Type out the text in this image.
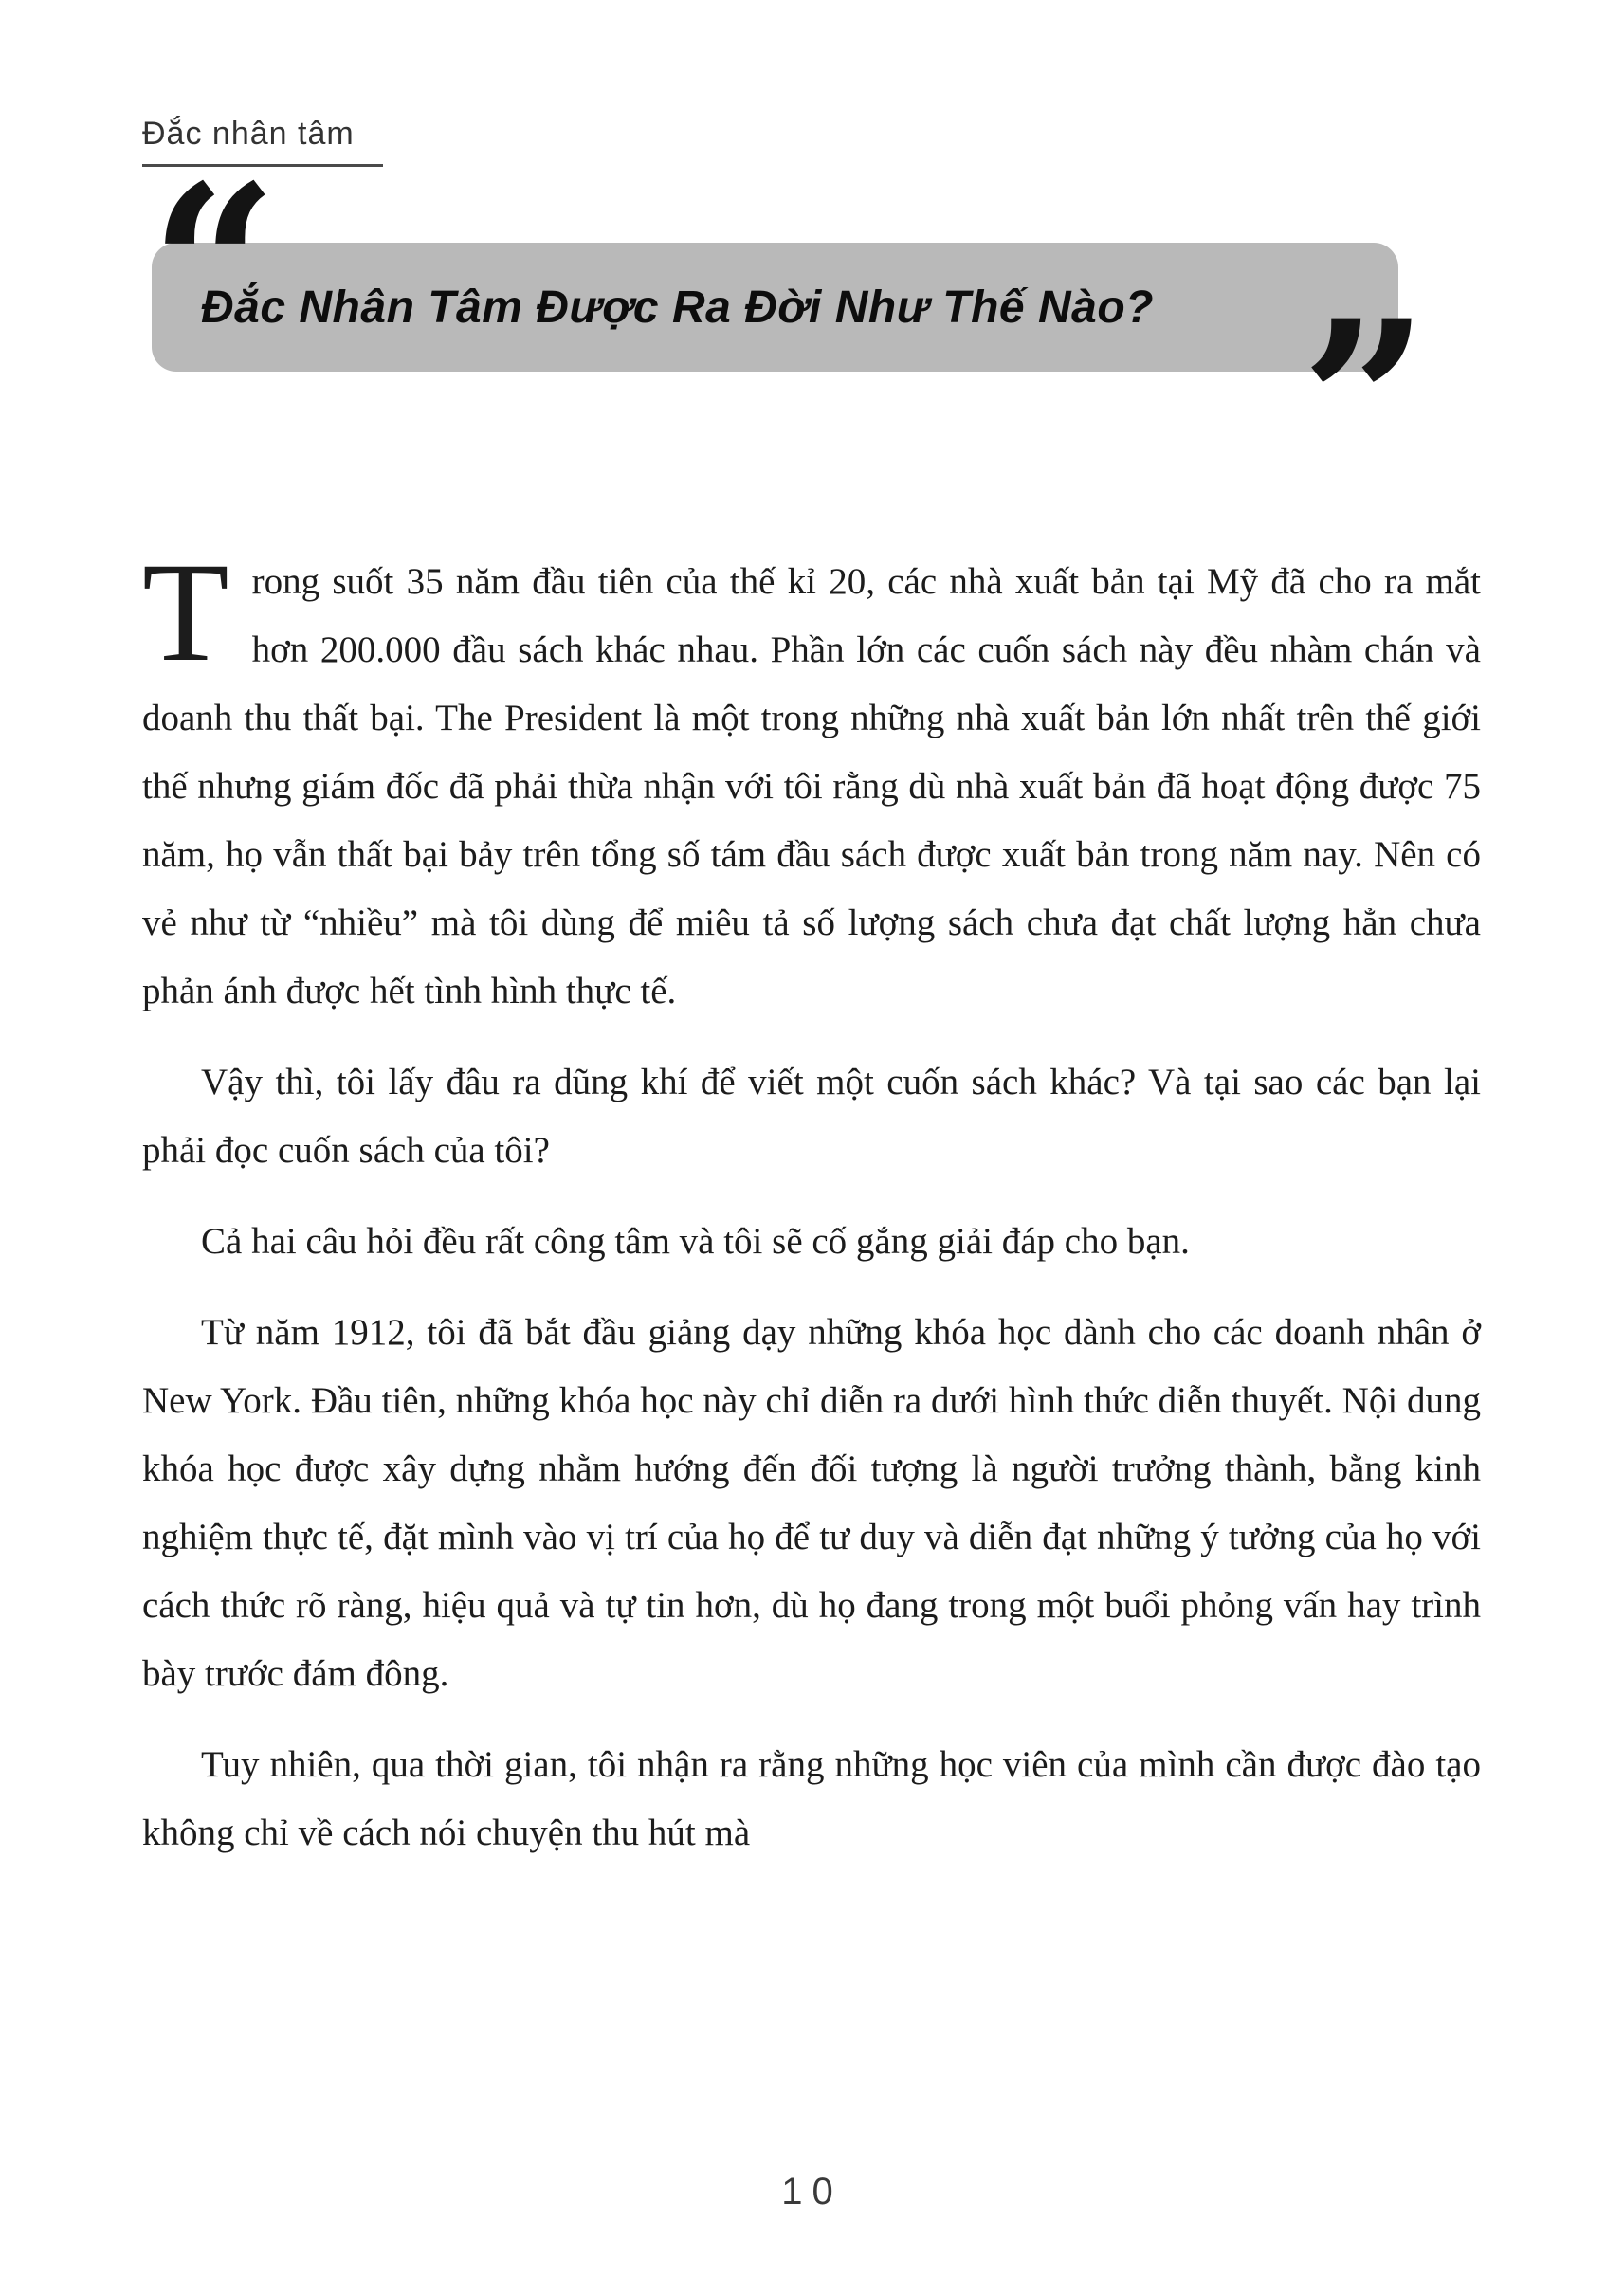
Đắc nhân tâm
“
Đắc Nhân Tâm Được Ra Đời Như Thế Nào? ”

Trong suốt 35 năm đầu tiên của thế kỉ 20, các nhà xuất bản tại Mỹ đã cho ra mắt hơn 200.000 đầu sách khác nhau. Phần lớn các cuốn sách này đều nhàm chán và doanh thu thất bại. The President là một trong những nhà xuất bản lớn nhất trên thế giới thế nhưng giám đốc đã phải thừa nhận với tôi rằng dù nhà xuất bản đã hoạt động được 75 năm, họ vẫn thất bại bảy trên tổng số tám đầu sách được xuất bản trong năm nay. Nên có vẻ như từ “nhiều” mà tôi dùng để miêu tả số lượng sách chưa đạt chất lượng hẳn chưa phản ánh được hết tình hình thực tế.

Vậy thì, tôi lấy đâu ra dũng khí để viết một cuốn sách khác? Và tại sao các bạn lại phải đọc cuốn sách của tôi?

Cả hai câu hỏi đều rất công tâm và tôi sẽ cố gắng giải đáp cho bạn.

Từ năm 1912, tôi đã bắt đầu giảng dạy những khóa học dành cho các doanh nhân ở New York. Đầu tiên, những khóa học này chỉ diễn ra dưới hình thức diễn thuyết. Nội dung khóa học được xây dựng nhằm hướng đến đối tượng là người trưởng thành, bằng kinh nghiệm thực tế, đặt mình vào vị trí của họ để tư duy và diễn đạt những ý tưởng của họ với cách thức rõ ràng, hiệu quả và tự tin hơn, dù họ đang trong một buổi phỏng vấn hay trình bày trước đám đông.

Tuy nhiên, qua thời gian, tôi nhận ra rằng những học viên của mình cần được đào tạo không chỉ về cách nói chuyện thu hút mà

10
